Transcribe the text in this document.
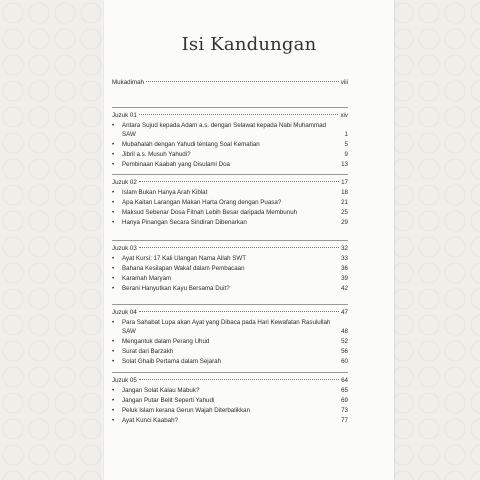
Isi Kandungan
Mukadimah	viii
Juzuk 01	xiv
•	Antara Sujud kepada Adam a.s. dengan Selawat kepada Nabi Muhammad SAW	1
•	Mubahalah dengan Yahudi tentang Soal Kematian	5
•	Jibril a.s. Musuh Yahudi?	9
•	Pembinaan Kaabah yang Disulami Doa	13
Juzuk 02	17
•	Islam Bukan Hanya Arah Kiblat	18
•	Apa Kaitan Larangan Makan Harta Orang dengan Puasa?	21
•	Maksud Sebenar Dosa Fitnah Lebih Besar daripada Membunuh	25
•	Hanya Pinangan Secara Sindiran Dibenarkan	29
Juzuk 03	32
•	Ayat Kursi: 17 Kali Ulangan Nama Allah SWT	33
•	Bahana Kesilapan Wakaf dalam Pembacaan	36
•	Karamah Maryam	39
•	Berani Hanyutkan Kayu Bersama Duit?	42
Juzuk 04	47
•	Para Sahabat Lupa akan Ayat yang Dibaca pada Hari Kewafatan Rasulullah SAW	48
•	Mengantuk dalam Perang Uhud	52
•	Surat dari Barzakh	56
•	Solat Ghaib Pertama dalam Sejarah	60
Juzuk 05	64
•	Jangan Solat Kalau Mabuk?	65
•	Jangan Putar Belit Seperti Yahudi	69
•	Peluk Islam kerana Gerun Wajah Diterbalikkan	73
•	Ayat Kunci Kaabah?	77
